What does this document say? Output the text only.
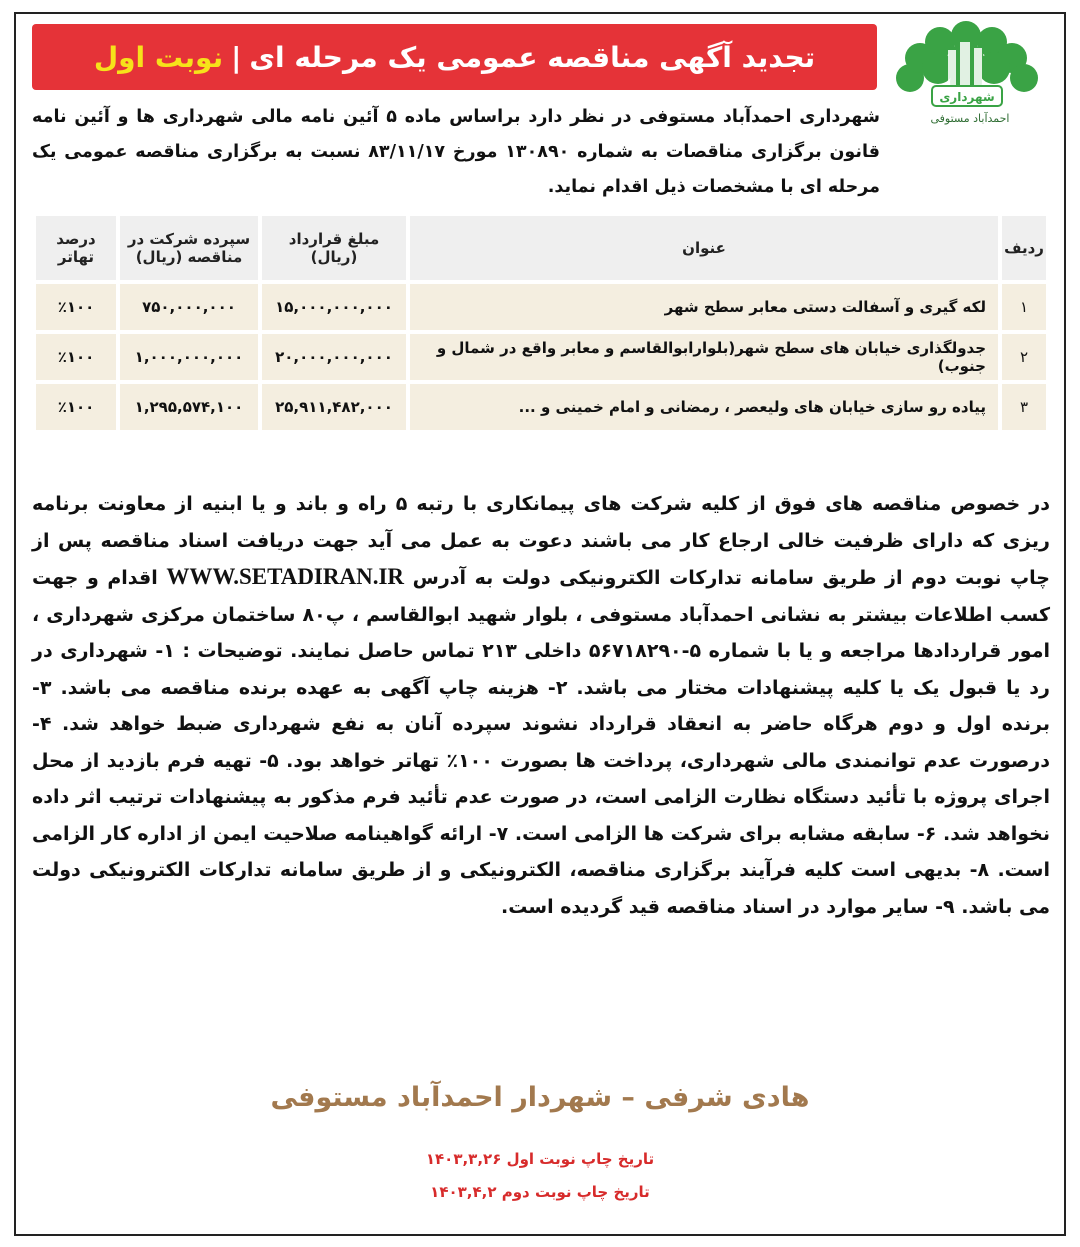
تجدید آگهی مناقصه عمومی یک مرحله ای
|
نوبت اول
شهرداری
احمدآباد مستوفی
شهرداری احمدآباد مستوفی در نظر دارد براساس ماده ۵ آئین نامه مالی شهرداری ها و آئین نامه قانون برگزاری مناقصات به شماره ۱۳۰۸۹۰ مورخ ۸۳/۱۱/۱۷ نسبت به برگزاری مناقصه عمومی یک مرحله ای با مشخصات ذیل اقدام نماید.
ردیف	عنوان	مبلغ قرارداد (ریال)	سپرده شرکت در مناقصه (ریال)	درصد تهاتر
۱	لکه گیری و آسفالت دستی معابر سطح شهر	۱۵,۰۰۰,۰۰۰,۰۰۰	۷۵۰,۰۰۰,۰۰۰	٪۱۰۰
۲	جدولگذاری خیابان های سطح شهر(بلوارابوالقاسم و معابر واقع در شمال و جنوب)	۲۰,۰۰۰,۰۰۰,۰۰۰	۱,۰۰۰,۰۰۰,۰۰۰	٪۱۰۰
۳	پیاده رو سازی خیابان های ولیعصر ، رمضانی و امام خمینی و ...	۲۵,۹۱۱,۴۸۲,۰۰۰	۱,۲۹۵,۵۷۴,۱۰۰	٪۱۰۰
در خصوص مناقصه های فوق از کلیه شرکت های پیمانکاری با رتبه ۵ راه و باند و یا ابنیه از معاونت برنامه ریزی که دارای ظرفیت خالی ارجاع کار می باشند دعوت به عمل می آید جهت دریافت اسناد مناقصه پس از چاپ نوبت دوم از طریق سامانه تدارکات الکترونیکی دولت به آدرس WWW.SETADIRAN.IR اقدام و جهت کسب اطلاعات بیشتر به نشانی احمدآباد مستوفی ، بلوار شهید ابوالقاسم ، پ۸۰ ساختمان مرکزی شهرداری ، امور قراردادها مراجعه و یا با شماره ۵-۵۶۷۱۸۲۹۰ داخلی ۲۱۳ تماس حاصل نمایند. توضیحات : ۱- شهرداری در رد یا قبول یک یا کلیه پیشنهادات مختار می باشد. ۲- هزینه چاپ آگهی به عهده برنده مناقصه می باشد. ۳- برنده اول و دوم هرگاه حاضر به انعقاد قرارداد نشوند سپرده آنان به نفع شهرداری ضبط خواهد شد. ۴- درصورت عدم توانمندی مالی شهرداری، پرداخت ها بصورت ۱۰۰٪ تهاتر خواهد بود. ۵- تهیه فرم بازدید از محل اجرای پروژه با تأئید دستگاه نظارت الزامی است، در صورت عدم تأئید فرم مذکور به پیشنهادات ترتیب اثر داده نخواهد شد. ۶- سابقه مشابه برای شرکت ها الزامی است. ۷- ارائه گواهینامه صلاحیت ایمن از اداره کار الزامی است. ۸- بدیهی است کلیه فرآیند برگزاری مناقصه، الکترونیکی و از طریق سامانه تدارکات الکترونیکی دولت می باشد. ۹- سایر موارد در اسناد مناقصه قید گردیده است.
هادی شرفی – شهردار احمدآباد مستوفی
تاریخ چاپ نوبت اول ۱۴۰۳,۳,۲۶
تاریخ چاپ نوبت دوم ۱۴۰۳,۴,۲
